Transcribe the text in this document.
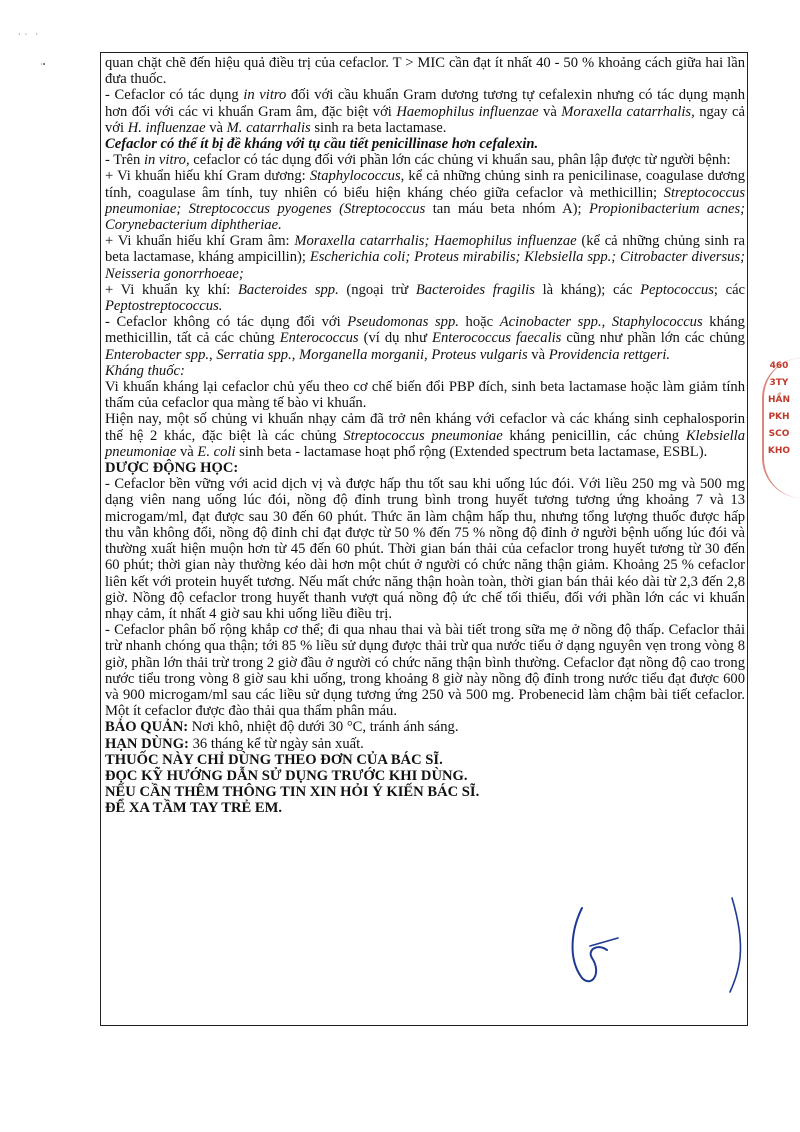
·  ·    ·
·•	quan chặt chẽ đến hiệu quả điều trị của cefaclor. T > MIC cần đạt ít nhất 40 - 50 % khoảng cách giữa hai lần đưa thuốc.

- Cefaclor có tác dụng in vitro đối với cầu khuẩn Gram dương tương tự cefalexin nhưng có tác dụng mạnh hơn đối với các vi khuẩn Gram âm, đặc biệt với Haemophilus influenzae và Moraxella catarrhalis, ngay cả với H. influenzae và M. catarrhalis sinh ra beta lactamase.

Cefaclor có thể ít bị đề kháng với tụ cầu tiết penicillinase hơn cefalexin.

- Trên in vitro, cefaclor có tác dụng đối với phần lớn các chủng vi khuẩn sau, phân lập được từ người bệnh:

+ Vi khuẩn hiếu khí Gram dương: Staphylococcus, kể cả những chủng sinh ra penicilinase, coagulase dương tính, coagulase âm tính, tuy nhiên có biểu hiện kháng chéo giữa cefaclor và methicillin; Streptococcus pneumoniae; Streptococcus pyogenes (Streptococcus tan máu beta nhóm A); Propionibacterium acnes; Corynebacterium diphtheriae.

+ Vi khuẩn hiếu khí Gram âm: Moraxella catarrhalis; Haemophilus influenzae (kể cả những chủng sinh ra beta lactamase, kháng ampicillin); Escherichia coli; Proteus mirabilis; Klebsiella spp.; Citrobacter diversus; Neisseria gonorrhoeae;

+ Vi khuẩn kỵ khí: Bacteroides spp. (ngoại trừ Bacteroides fragilis là kháng); các Peptococcus; các Peptostreptococcus.

- Cefaclor không có tác dụng đối với Pseudomonas spp. hoặc Acinobacter spp., Staphylococcus kháng methicillin, tất cả các chủng Enterococcus (ví dụ như Enterococcus faecalis cũng như phần lớn các chủng Enterobacter spp., Serratia spp., Morganella morganii, Proteus vulgaris và Providencia rettgeri.

Kháng thuốc:

Vi khuẩn kháng lại cefaclor chủ yếu theo cơ chế biến đổi PBP đích, sinh beta lactamase hoặc làm giảm tính thấm của cefaclor qua màng tế bào vi khuẩn.

Hiện nay, một số chủng vi khuẩn nhạy cảm đã trở nên kháng với cefaclor và các kháng sinh cephalosporin thế hệ 2 khác, đặc biệt là các chủng Streptococcus pneumoniae kháng penicillin, các chủng Klebsiella pneumoniae và E. coli sinh beta - lactamase hoạt phổ rộng (Extended spectrum beta lactamase, ESBL).

DƯỢC ĐỘNG HỌC:

- Cefaclor bền vững với acid dịch vị và được hấp thu tốt sau khi uống lúc đói. Với liều 250 mg và 500 mg dạng viên nang uống lúc đói, nồng độ đỉnh trung bình trong huyết tương tương ứng khoảng 7 và 13 microgam/ml, đạt được sau 30 đến 60 phút. Thức ăn làm chậm hấp thu, nhưng tổng lượng thuốc được hấp thu vẫn không đổi, nồng độ đỉnh chỉ đạt được từ 50 % đến 75 % nồng độ đỉnh ở người bệnh uống lúc đói và thường xuất hiện muộn hơn từ 45 đến 60 phút. Thời gian bán thải của cefaclor trong huyết tương từ 30 đến 60 phút; thời gian này thường kéo dài hơn một chút ở người có chức năng thận giảm. Khoảng 25 % cefaclor liên kết với protein huyết tương. Nếu mất chức năng thận hoàn toàn, thời gian bán thải kéo dài từ 2,3 đến 2,8 giờ. Nồng độ cefaclor trong huyết thanh vượt quá nồng độ ức chế tối thiểu, đối với phần lớn các vi khuẩn nhạy cảm, ít nhất 4 giờ sau khi uống liều điều trị.

- Cefaclor phân bố rộng khắp cơ thể; đi qua nhau thai và bài tiết trong sữa mẹ ở nồng độ thấp. Cefaclor thải trừ nhanh chóng qua thận; tới 85 % liều sử dụng được thải trừ qua nước tiểu ở dạng nguyên vẹn trong vòng 8 giờ, phần lớn thải trừ trong 2 giờ đầu ở người có chức năng thận bình thường. Cefaclor đạt nồng độ cao trong nước tiểu trong vòng 8 giờ sau khi uống, trong khoảng 8 giờ này nồng độ đỉnh trong nước tiểu đạt được 600 và 900 microgam/ml sau các liều sử dụng tương ứng 250 và 500 mg. Probenecid làm chậm bài tiết cefaclor. Một ít cefaclor được đào thải qua thẩm phân máu.

BẢO QUẢN: Nơi khô, nhiệt độ dưới 30 °C, tránh ánh sáng.

HẠN DÙNG: 36 tháng kể từ ngày sản xuất.

THUỐC NÀY CHỈ DÙNG THEO ĐƠN CỦA BÁC SĨ.

ĐỌC KỸ HƯỚNG DẪN SỬ DỤNG TRƯỚC KHI DÙNG.

NẾU CẦN THÊM THÔNG TIN XIN HỎI Ý KIẾN BÁC SĨ.

ĐỂ XA TẦM TAY TRẺ EM.

460
3TY
HẦN
PKH
SCO
KHO
